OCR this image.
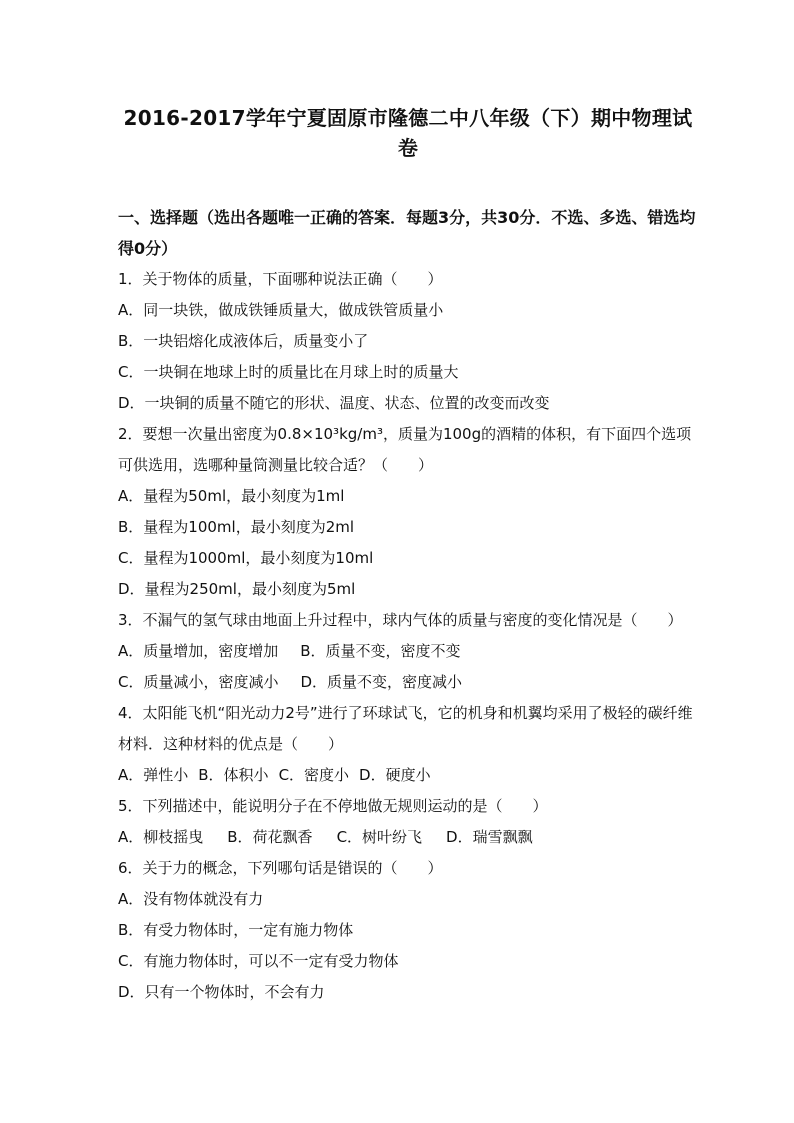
2016-2017学年宁夏固原市隆德二中八年级（下）期中物理试卷
一、选择题（选出各题唯一正确的答案．每题3分，共30分．不选、多选、错选均得0分）
1．关于物体的质量，下面哪种说法正确（　　）
A．同一块铁，做成铁锤质量大，做成铁管质量小
B．一块铝熔化成液体后，质量变小了
C．一块铜在地球上时的质量比在月球上时的质量大
D．一块铜的质量不随它的形状、温度、状态、位置的改变而改变
2．要想一次量出密度为0.8×10³kg/m³，质量为100g的酒精的体积，有下面四个选项可供选用，选哪种量筒测量比较合适？（　　）
A．量程为50ml，最小刻度为1ml
B．量程为100ml，最小刻度为2ml
C．量程为1000ml，最小刻度为10ml
D．量程为250ml，最小刻度为5ml
3．不漏气的氢气球由地面上升过程中，球内气体的质量与密度的变化情况是（　　）
A．质量增加，密度增加 B．质量不变，密度不变
C．质量减小，密度减小 D．质量不变，密度减小
4．太阳能飞机“阳光动力2号”进行了环球试飞，它的机身和机翼均采用了极轻的碳纤维材料．这种材料的优点是（　　）
A．弹性小 B．体积小 C．密度小 D．硬度小
5．下列描述中，能说明分子在不停地做无规则运动的是（　　）
A．柳枝摇曳 B．荷花飘香 C．树叶纷飞 D．瑞雪飘飘
6．关于力的概念，下列哪句话是错误的（　　）
A．没有物体就没有力
B．有受力物体时，一定有施力物体
C．有施力物体时，可以不一定有受力物体
D．只有一个物体时，不会有力
